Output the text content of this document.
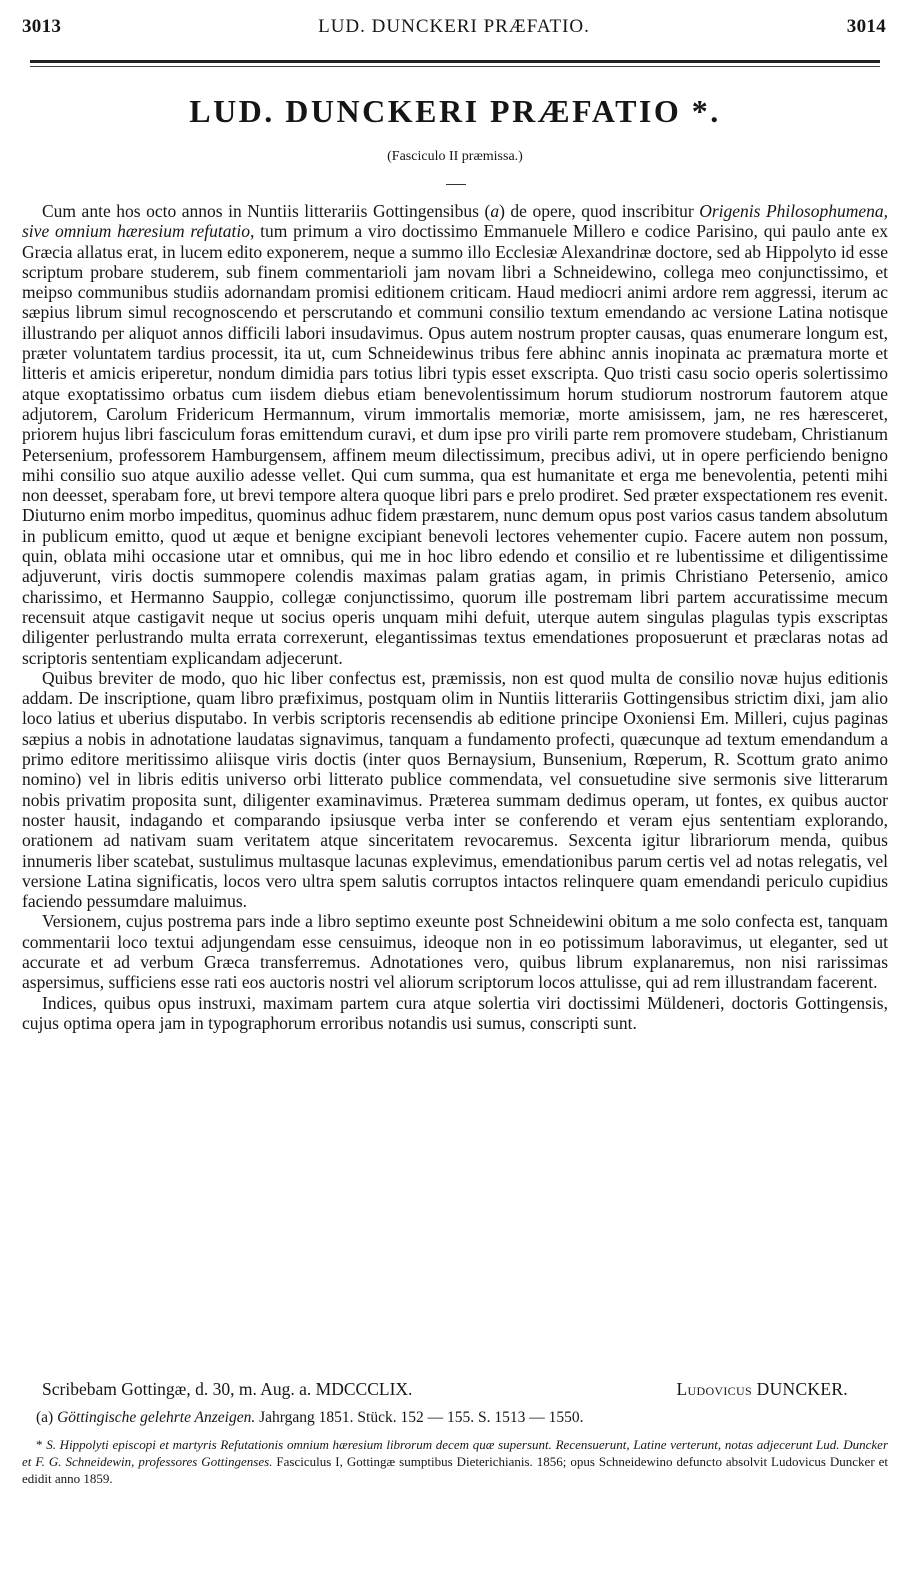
3013	LUD. DUNCKERI PRÆFATIO.	3014
LUD. DUNCKERI PRÆFATIO *.
(Fasciculo II præmissa.)

Cum ante hos octo annos in Nuntiis litterariis Gottingensibus (a) de opere, quod inscribitur Origenis Philosophumena, sive omnium hæresium refutatio, tum primum a viro doctissimo Emmanuele Millero e codice Parisino, qui paulo ante ex Græcia allatus erat, in lucem edito exponerem, neque a summo illo Ecclesiæ Alexandrinæ doctore, sed ab Hippolyto id esse scriptum probare studerem, sub finem commentarioli jam novam libri a Schneidewino, collega meo conjunctissimo, et meipso communibus studiis adornandam promisi editionem criticam. Haud mediocri animi ardore rem aggressi, iterum ac sæpius librum simul recognoscendo et perscrutando et communi consilio textum emendando ac versione Latina notisque illustrando per aliquot annos difficili labori insudavimus. Opus autem nostrum propter causas, quas enumerare longum est, præter voluntatem tardius processit, ita ut, cum Schneidewinus tribus fere abhinc annis inopinata ac præmatura morte et litteris et amicis eriperetur, nondum dimidia pars totius libri typis esset exscripta. Quo tristi casu socio operis solertissimo atque exoptatissimo orbatus cum iisdem diebus etiam benevolentissimum horum studiorum nostrorum fautorem atque adjutorem, Carolum Fridericum Hermannum, virum immortalis memoriæ, morte amisissem, jam, ne res hæresceret, priorem hujus libri fasciculum foras emittendum curavi, et dum ipse pro virili parte rem promovere studebam, Christianum Petersenium, professorem Hamburgensem, affinem meum dilectissimum, precibus adivi, ut in opere perficiendo benigno mihi consilio suo atque auxilio adesse vellet. Qui cum summa, qua est humanitate et erga me benevolentia, petenti mihi non deesset, sperabam fore, ut brevi tempore altera quoque libri pars e prelo prodiret. Sed præter exspectationem res evenit. Diuturno enim morbo impeditus, quominus adhuc fidem præstarem, nunc demum opus post varios casus tandem absolutum in publicum emitto, quod ut æque et benigne excipiant benevoli lectores vehementer cupio. Facere autem non possum, quin, oblata mihi occasione utar et omnibus, qui me in hoc libro edendo et consilio et re lubentissime et diligentissime adjuverunt, viris doctis summopere colendis maximas palam gratias agam, in primis Christiano Petersenio, amico charissimo, et Hermanno Sauppio, collegæ conjunctissimo, quorum ille postremam libri partem accuratissime mecum recensuit atque castigavit neque ut socius operis unquam mihi defuit, uterque autem singulas plagulas typis exscriptas diligenter perlustrando multa errata correxerunt, elegantissimas textus emendationes proposuerunt et præclaras notas ad scriptoris sententiam explicandam adjecerunt.

Quibus breviter de modo, quo hic liber confectus est, præmissis, non est quod multa de consilio novæ hujus editionis addam. De inscriptione, quam libro præfiximus, postquam olim in Nuntiis litterariis Gottingensibus strictim dixi, jam alio loco latius et uberius disputabo. In verbis scriptoris recensendis ab editione principe Oxoniensi Em. Milleri, cujus paginas sæpius a nobis in adnotatione laudatas signavimus, tanquam a fundamento profecti, quæcunque ad textum emendandum a primo editore meritissimo aliisque viris doctis (inter quos Bernaysium, Bunsenium, Rœperum, R. Scottum grato animo nomino) vel in libris editis universo orbi litterato publice commendata, vel consuetudine sive sermonis sive litterarum nobis privatim proposita sunt, diligenter examinavimus. Præterea summam dedimus operam, ut fontes, ex quibus auctor noster hausit, indagando et comparando ipsiusque verba inter se conferendo et veram ejus sententiam explorando, orationem ad nativam suam veritatem atque sinceritatem revocaremus. Sexcenta igitur librariorum menda, quibus innumeris liber scatebat, sustulimus multasque lacunas explevimus, emendationibus parum certis vel ad notas relegatis, vel versione Latina significatis, locos vero ultra spem salutis corruptos intactos relinquere quam emendandi periculo cupidius faciendo pessumdare maluimus.

Versionem, cujus postrema pars inde a libro septimo exeunte post Schneidewini obitum a me solo confecta est, tanquam commentarii loco textui adjungendam esse censuimus, ideoque non in eo potissimum laboravimus, ut eleganter, sed ut accurate et ad verbum Græca transferremus. Adnotationes vero, quibus librum explanaremus, non nisi rarissimas aspersimus, sufficiens esse rati eos auctoris nostri vel aliorum scriptorum locos attulisse, qui ad rem illustrandam facerent.

Indices, quibus opus instruxi, maximam partem cura atque solertia viri doctissimi Müldeneri, doctoris Gottingensis, cujus optima opera jam in typographorum erroribus notandis usi sumus, conscripti sunt.

Scribebam Gottingæ, d. 30, m. Aug. a. MDCCCLIX.	Ludovicus DUNCKER.
(a) Göttingische gelehrte Anzeigen. Jahrgang 1851. Stück. 152 — 155. S. 1513 — 1550.
* S. Hippolyti episcopi et martyris Refutationis omnium hæresium librorum decem quæ supersunt. Recensuerunt, Latine verterunt, notas adjecerunt Lud. Duncker et F. G. Schneidewin, professores Gottingenses. Fasciculus I, Gottingæ sumptibus Dieterichianis. 1856; opus Schneidewino defuncto absolvit Ludovicus Duncker et edidit anno 1859.
